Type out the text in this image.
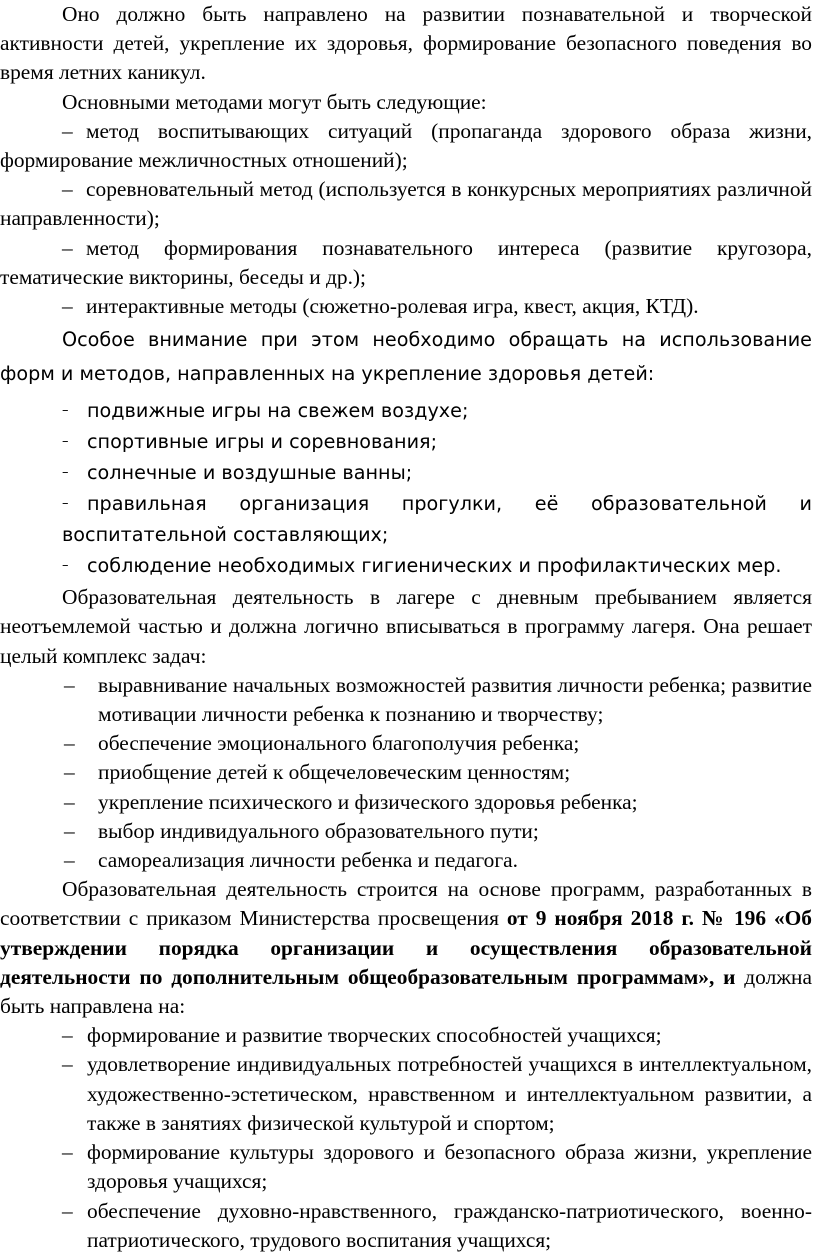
Оно должно быть направлено на развитии познавательной и творческой активности детей, укрепление их здоровья, формирование безопасного поведения во время летних каникул.

Основными методами могут быть следующие:

– метод воспитывающих ситуаций (пропаганда здорового образа жизни, формирование межличностных отношений);

– соревновательный метод (используется в конкурсных мероприятиях различной направленности);

– метод формирования познавательного интереса (развитие кругозора, тематические викторины, беседы и др.);

– интерактивные методы (сюжетно-ролевая игра, квест, акция, КТД).

Особое внимание при этом необходимо обращать на использование форм и методов, направленных на укрепление здоровья детей:

– подвижные игры на свежем воздухе;

– спортивные игры и соревнования;

– солнечные и воздушные ванны;

– правильная организация прогулки, её образовательной и воспитательной составляющих;

– соблюдение необходимых гигиенических и профилактических мер.

Образовательная деятельность в лагере с дневным пребыванием является неотъемлемой частью и должна логично вписываться в программу лагеря. Она решает целый комплекс задач:

– выравнивание начальных возможностей развития личности ребенка; развитие мотивации личности ребенка к познанию и творчеству;

– обеспечение эмоционального благополучия ребенка;

– приобщение детей к общечеловеческим ценностям;

– укрепление психического и физического здоровья ребенка;

– выбор индивидуального образовательного пути;

– самореализация личности ребенка и педагога.

Образовательная деятельность строится на основе программ, разработанных в соответствии с приказом Министерства просвещения от 9 ноября 2018 г. № 196 «Об утверждении порядка организации и осуществления образовательной деятельности по дополнительным общеобразовательным программам», и должна быть направлена на:

– формирование и развитие творческих способностей учащихся;

– удовлетворение индивидуальных потребностей учащихся в интеллектуальном, художественно-эстетическом, нравственном и интеллектуальном развитии, а также в занятиях физической культурой и спортом;

– формирование культуры здорового и безопасного образа жизни, укрепление здоровья учащихся;

– обеспечение духовно-нравственного, гражданско-патриотического, военно-патриотического, трудового воспитания учащихся;
